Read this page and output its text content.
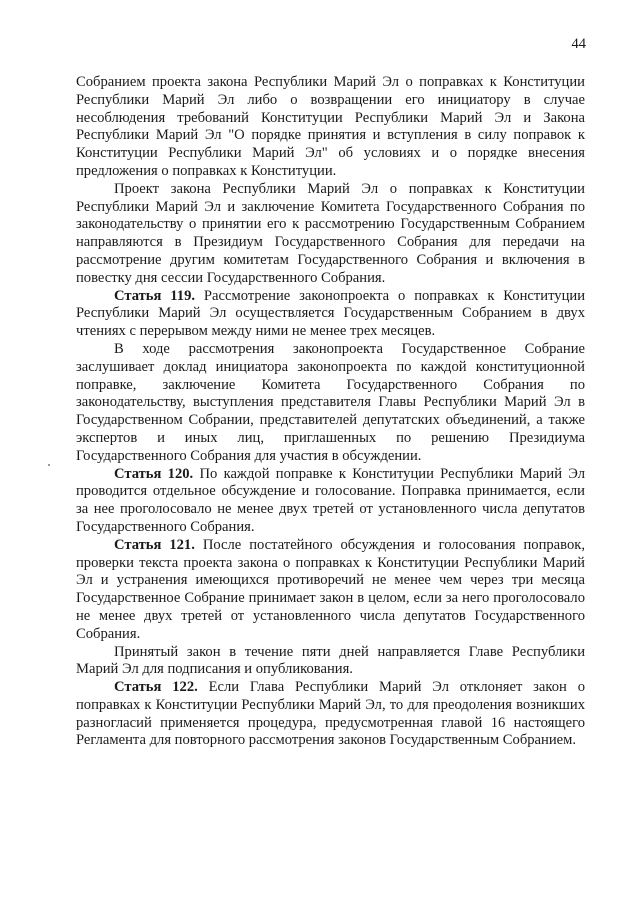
44

Собранием проекта закона Республики Марий Эл о поправках к Конституции Республики Марий Эл либо о возвращении его инициатору в случае несоблюдения требований Конституции Республики Марий Эл и Закона Республики Марий Эл "О порядке принятия и вступления в силу поправок к Конституции Республики Марий Эл" об условиях и о порядке внесения предложения о поправках к Конституции.

Проект закона Республики Марий Эл о поправках к Конституции Республики Марий Эл и заключение Комитета Государственного Собрания по законодательству о принятии его к рассмотрению Государственным Собранием направляются в Президиум Государственного Собрания для передачи на рассмотрение другим комитетам Государственного Собрания и включения в повестку дня сессии Государственного Собрания.

Статья 119. Рассмотрение законопроекта о поправках к Конституции Республики Марий Эл осуществляется Государственным Собранием в двух чтениях с перерывом между ними не менее трех месяцев.

В ходе рассмотрения законопроекта Государственное Собрание заслушивает доклад инициатора законопроекта по каждой конституционной поправке, заключение Комитета Государственного Собрания по законодательству, выступления представителя Главы Республики Марий Эл в Государственном Собрании, представителей депутатских объединений, а также экспертов и иных лиц, приглашенных по решению Президиума Государственного Собрания для участия в обсуждении.

Статья 120. По каждой поправке к Конституции Республики Марий Эл проводится отдельное обсуждение и голосование. Поправка принимается, если за нее проголосовало не менее двух третей от установленного числа депутатов Государственного Собрания.

Статья 121. После постатейного обсуждения и голосования поправок, проверки текста проекта закона о поправках к Конституции Республики Марий Эл и устранения имеющихся противоречий не менее чем через три месяца Государственное Собрание принимает закон в целом, если за него проголосовало не менее двух третей от установленного числа депутатов Государственного Собрания.

Принятый закон в течение пяти дней направляется Главе Республики Марий Эл для подписания и опубликования.

Статья 122. Если Глава Республики Марий Эл отклоняет закон о поправках к Конституции Республики Марий Эл, то для преодоления возникших разногласий применяется процедура, предусмотренная главой 16 настоящего Регламента для повторного рассмотрения законов Государственным Собранием.
